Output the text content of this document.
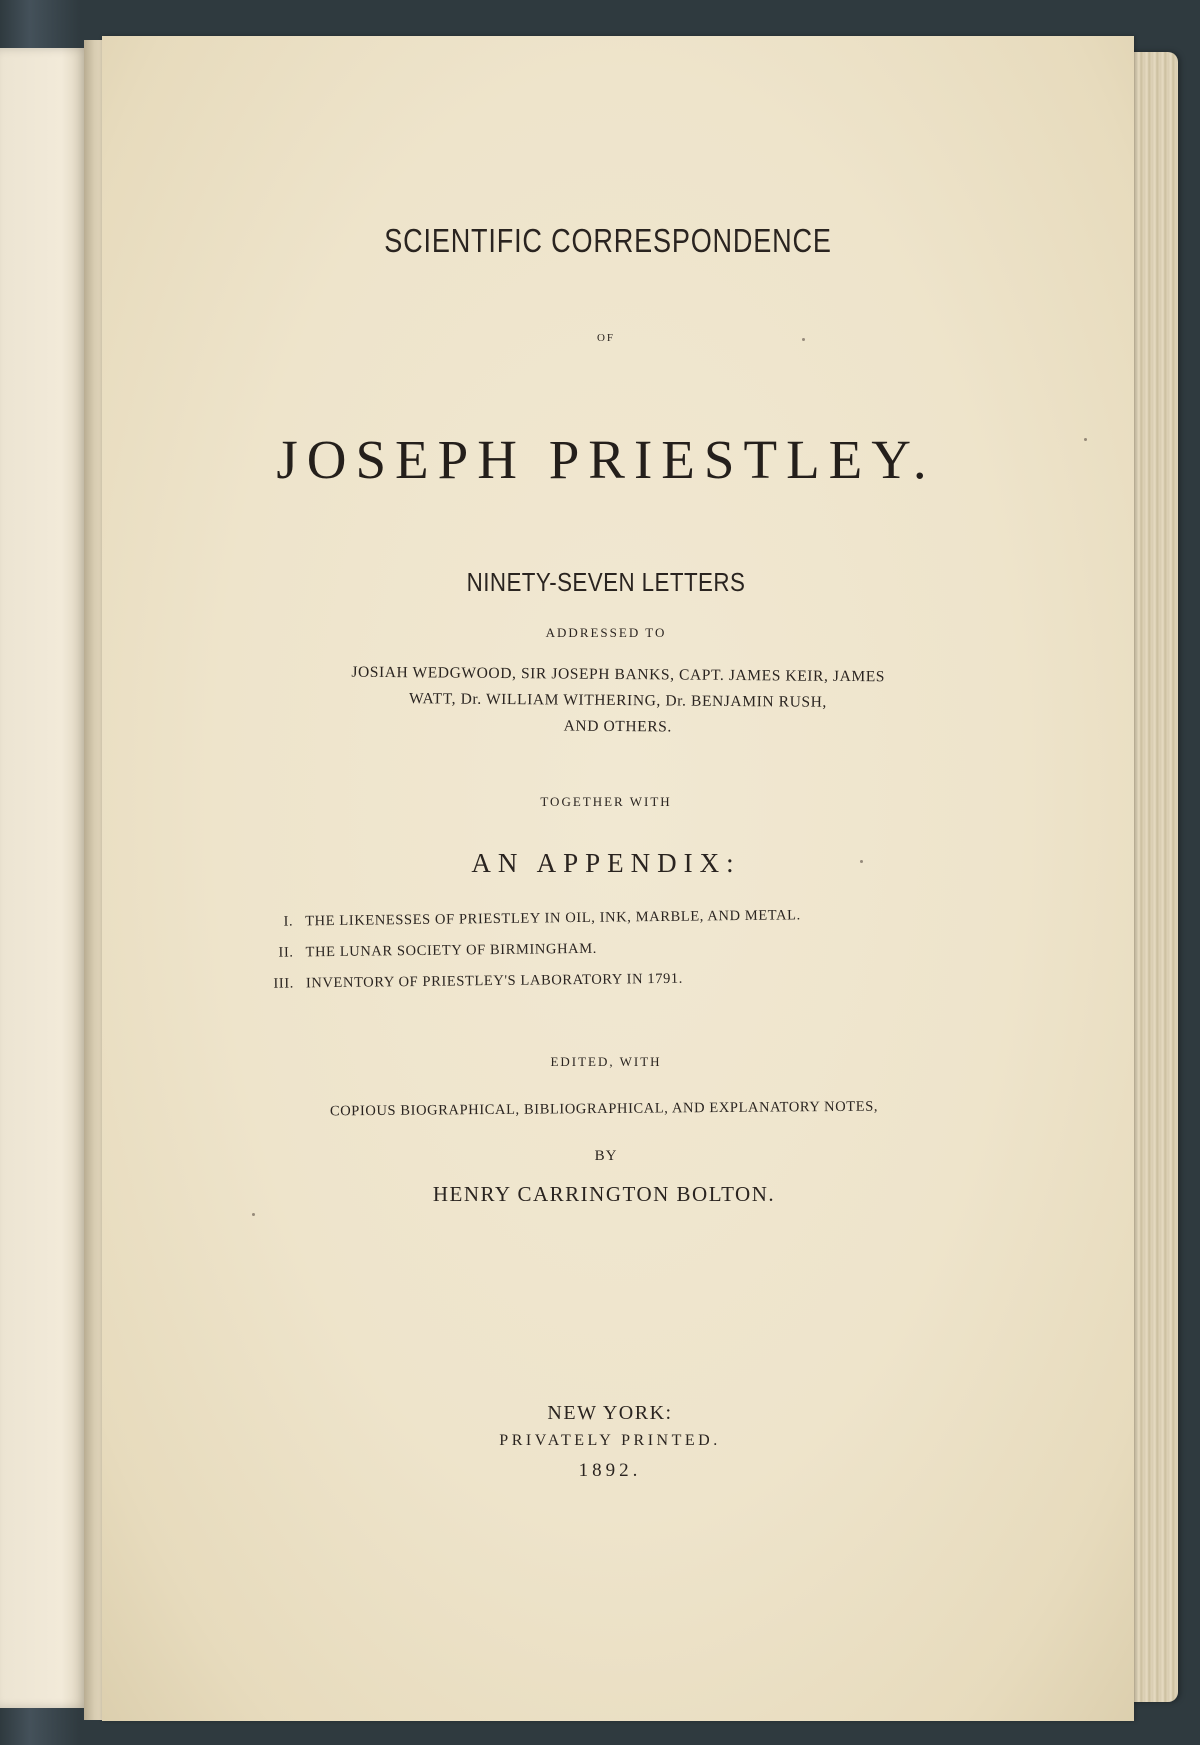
SCIENTIFIC CORRESPONDENCE
OF
JOSEPH PRIESTLEY.
NINETY-SEVEN LETTERS
ADDRESSED TO
JOSIAH WEDGWOOD, SIR JOSEPH BANKS, CAPT. JAMES KEIR, JAMES
WATT, Dr. WILLIAM WITHERING, Dr. BENJAMIN RUSH,
AND OTHERS.
TOGETHER WITH
AN APPENDIX:
I. THE LIKENESSES OF PRIESTLEY IN OIL, INK, MARBLE, AND METAL.
II. THE LUNAR SOCIETY OF BIRMINGHAM.
III. INVENTORY OF PRIESTLEY'S LABORATORY IN 1791.
EDITED, WITH
COPIOUS BIOGRAPHICAL, BIBLIOGRAPHICAL, AND EXPLANATORY NOTES,
BY
HENRY CARRINGTON BOLTON.
NEW YORK:
PRIVATELY PRINTED.
1892.
